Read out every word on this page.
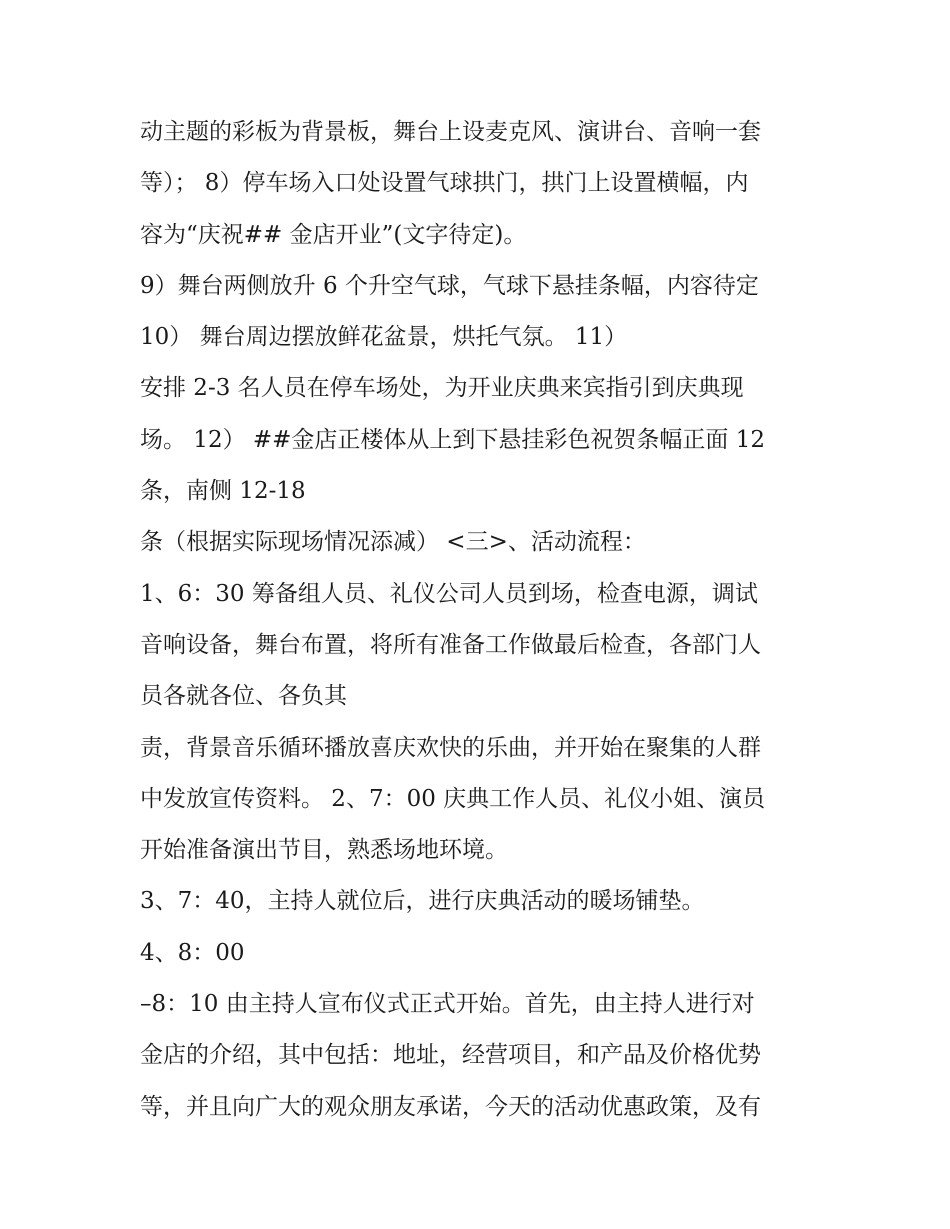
动主题的彩板为背景板，舞台上设麦克风、演讲台、音响一套
等）； 8）停车场入口处设置气球拱门，拱门上设置横幅，内
容为“庆祝## 金店开业”(文字待定)。
9）舞台两侧放升 6 个升空气球，气球下悬挂条幅，内容待定
10） 舞台周边摆放鲜花盆景，烘托气氛。 11）
安排 2-3 名人员在停车场处，为开业庆典来宾指引到庆典现
场。 12） ##金店正楼体从上到下悬挂彩色祝贺条幅正面 12
条，南侧 12-18
条（根据实际现场情况添减） <三>、活动流程：
1、6：30 筹备组人员、礼仪公司人员到场，检查电源，调试
音响设备，舞台布置，将所有准备工作做最后检查，各部门人
员各就各位、各负其
责，背景音乐循环播放喜庆欢快的乐曲，并开始在聚集的人群
中发放宣传资料。 2、7：00 庆典工作人员、礼仪小姐、演员
开始准备演出节目，熟悉场地环境。
3、7：40，主持人就位后，进行庆典活动的暖场铺垫。
4、8：00
–8：10 由主持人宣布仪式正式开始。首先，由主持人进行对
金店的介绍，其中包括：地址，经营项目，和产品及价格优势
等，并且向广大的观众朋友承诺，今天的活动优惠政策，及有
